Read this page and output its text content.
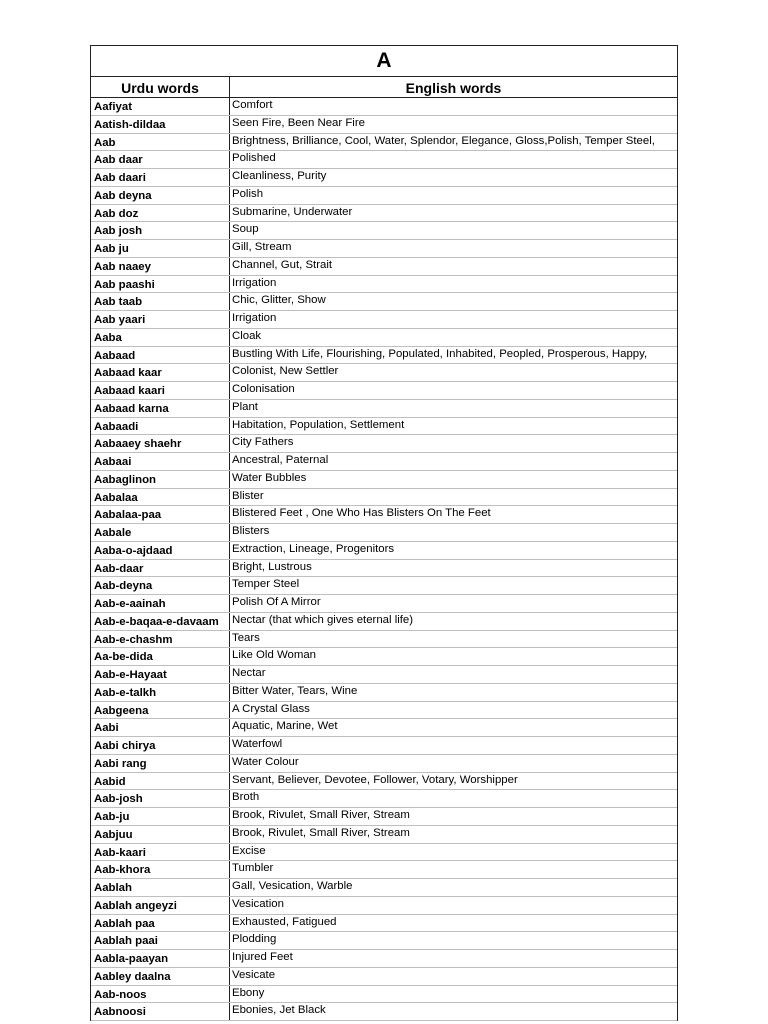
A
Urdu words	English words
Aafiyat	Comfort
Aatish-dildaa	Seen Fire, Been Near Fire
Aab	Brightness, Brilliance, Cool, Water, Splendor, Elegance, Gloss,Polish, Temper Steel,
Aab daar	Polished
Aab daari	Cleanliness, Purity
Aab deyna	Polish
Aab doz	Submarine, Underwater
Aab josh	Soup
Aab ju	Gill, Stream
Aab naaey	Channel, Gut, Strait
Aab paashi	Irrigation
Aab taab	Chic, Glitter, Show
Aab yaari	Irrigation
Aaba	Cloak
Aabaad	Bustling With Life, Flourishing, Populated, Inhabited, Peopled, Prosperous, Happy,
Aabaad kaar	Colonist, New Settler
Aabaad kaari	Colonisation
Aabaad karna	Plant
Aabaadi	Habitation, Population, Settlement
Aabaaey shaehr	City Fathers
Aabaai	Ancestral, Paternal
Aabaglinon	Water Bubbles
Aabalaa	Blister
Aabalaa-paa	Blistered Feet , One Who Has Blisters On The Feet
Aabale	Blisters
Aaba-o-ajdaad	Extraction, Lineage, Progenitors
Aab-daar	Bright, Lustrous
Aab-deyna	Temper Steel
Aab-e-aainah	Polish Of A Mirror
Aab-e-baqaa-e-davaam	Nectar (that which gives eternal life)
Aab-e-chashm	Tears
Aa-be-dida	Like Old Woman
Aab-e-Hayaat	Nectar
Aab-e-talkh	Bitter Water, Tears, Wine
Aabgeena	A Crystal Glass
Aabi	Aquatic, Marine, Wet
Aabi chirya	Waterfowl
Aabi rang	Water Colour
Aabid	Servant, Believer, Devotee, Follower, Votary, Worshipper
Aab-josh	Broth
Aab-ju	Brook, Rivulet, Small River, Stream
Aabjuu	Brook, Rivulet, Small River, Stream
Aab-kaari	Excise
Aab-khora	Tumbler
Aablah	Gall, Vesication, Warble
Aablah angeyzi	Vesication
Aablah paa	Exhausted, Fatigued
Aablah paai	Plodding
Aabla-paayan	Injured Feet
Aabley daalna	Vesicate
Aab-noos	Ebony
Aabnoosi	Ebonies, Jet Black
